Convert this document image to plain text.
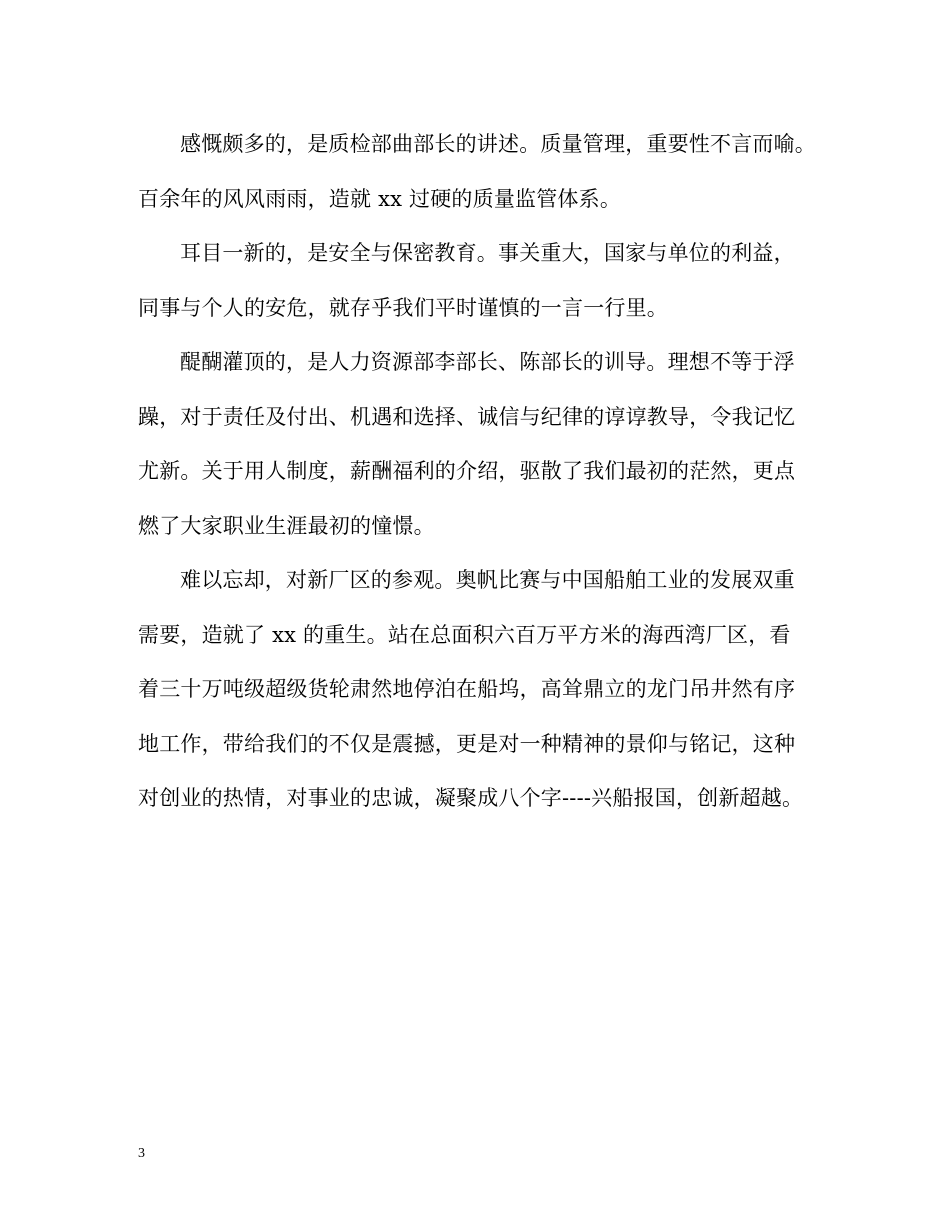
感慨颇多的，是质检部曲部长的讲述。质量管理，重要性不言而喻。
百余年的风风雨雨，造就 xx 过硬的质量监管体系。
耳目一新的，是安全与保密教育。事关重大，国家与单位的利益，
同事与个人的安危，就存乎我们平时谨慎的一言一行里。
醍醐灌顶的，是人力资源部李部长、陈部长的训导。理想不等于浮
躁，对于责任及付出、机遇和选择、诚信与纪律的谆谆教导，令我记忆
尤新。关于用人制度，薪酬福利的介绍，驱散了我们最初的茫然，更点
燃了大家职业生涯最初的憧憬。
难以忘却，对新厂区的参观。奥帆比赛与中国船舶工业的发展双重
需要，造就了 xx 的重生。站在总面积六百万平方米的海西湾厂区，看
着三十万吨级超级货轮肃然地停泊在船坞，高耸鼎立的龙门吊井然有序
地工作，带给我们的不仅是震撼，更是对一种精神的景仰与铭记，这种
对创业的热情，对事业的忠诚，凝聚成八个字----兴船报国，创新超越。
3
